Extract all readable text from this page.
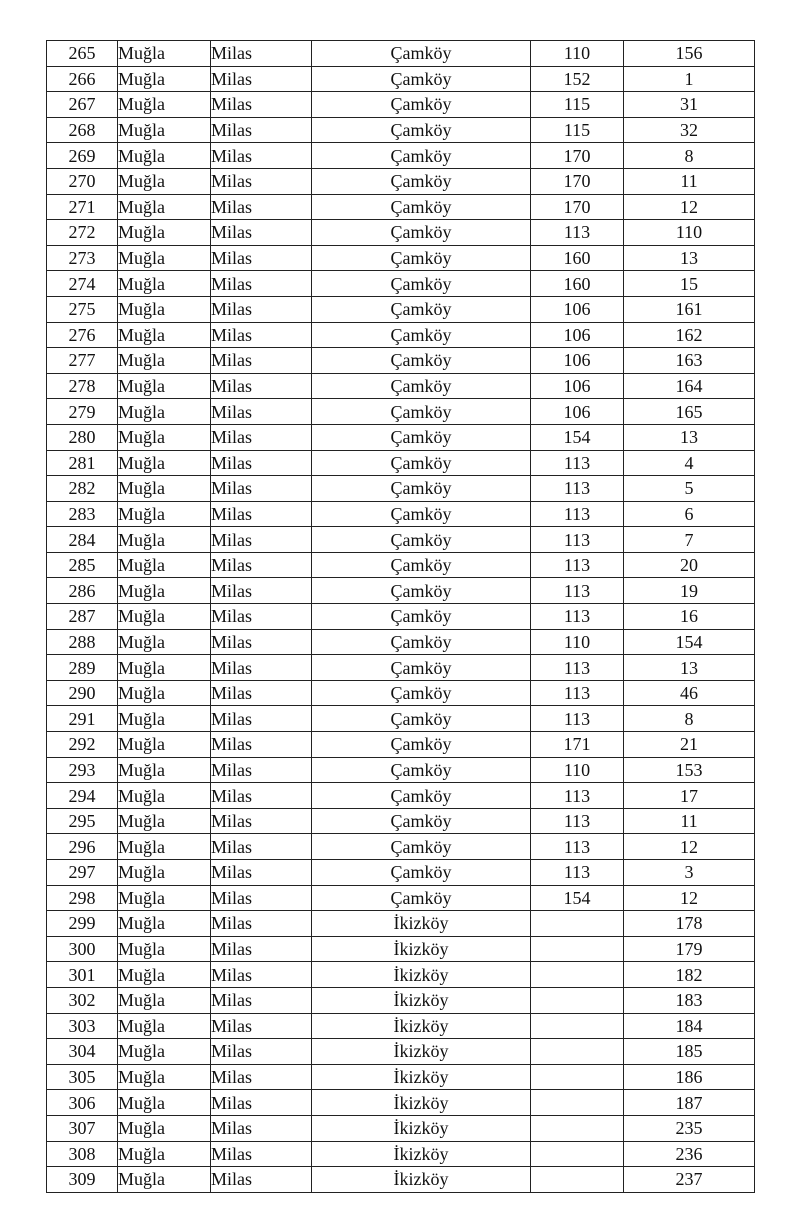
265	Muğla	Milas	Çamköy	110	156
266	Muğla	Milas	Çamköy	152	1
267	Muğla	Milas	Çamköy	115	31
268	Muğla	Milas	Çamköy	115	32
269	Muğla	Milas	Çamköy	170	8
270	Muğla	Milas	Çamköy	170	11
271	Muğla	Milas	Çamköy	170	12
272	Muğla	Milas	Çamköy	113	110
273	Muğla	Milas	Çamköy	160	13
274	Muğla	Milas	Çamköy	160	15
275	Muğla	Milas	Çamköy	106	161
276	Muğla	Milas	Çamköy	106	162
277	Muğla	Milas	Çamköy	106	163
278	Muğla	Milas	Çamköy	106	164
279	Muğla	Milas	Çamköy	106	165
280	Muğla	Milas	Çamköy	154	13
281	Muğla	Milas	Çamköy	113	4
282	Muğla	Milas	Çamköy	113	5
283	Muğla	Milas	Çamköy	113	6
284	Muğla	Milas	Çamköy	113	7
285	Muğla	Milas	Çamköy	113	20
286	Muğla	Milas	Çamköy	113	19
287	Muğla	Milas	Çamköy	113	16
288	Muğla	Milas	Çamköy	110	154
289	Muğla	Milas	Çamköy	113	13
290	Muğla	Milas	Çamköy	113	46
291	Muğla	Milas	Çamköy	113	8
292	Muğla	Milas	Çamköy	171	21
293	Muğla	Milas	Çamköy	110	153
294	Muğla	Milas	Çamköy	113	17
295	Muğla	Milas	Çamköy	113	11
296	Muğla	Milas	Çamköy	113	12
297	Muğla	Milas	Çamköy	113	3
298	Muğla	Milas	Çamköy	154	12
299	Muğla	Milas	İkizköy		178
300	Muğla	Milas	İkizköy		179
301	Muğla	Milas	İkizköy		182
302	Muğla	Milas	İkizköy		183
303	Muğla	Milas	İkizköy		184
304	Muğla	Milas	İkizköy		185
305	Muğla	Milas	İkizköy		186
306	Muğla	Milas	İkizköy		187
307	Muğla	Milas	İkizköy		235
308	Muğla	Milas	İkizköy		236
309	Muğla	Milas	İkizköy		237
